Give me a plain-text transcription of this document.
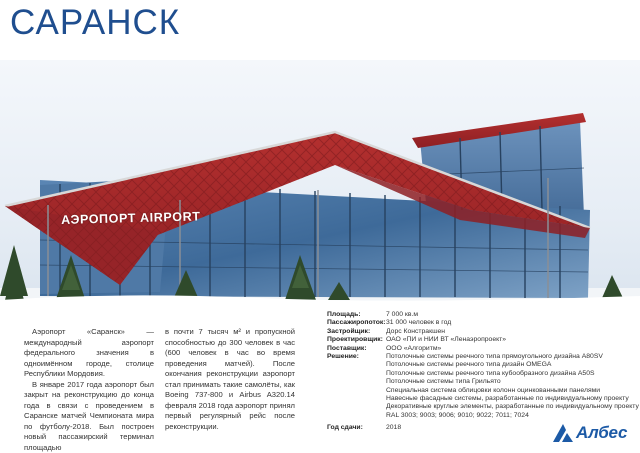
САРАНСК
АЭРОПОРТ AIRPORT

Аэропорт «Саранск» — международный аэропорт федерального значения в одноимённом городе, столице Республики Мордовия.

В январе 2017 года аэропорт был закрыт на реконструкцию до конца года в связи с проведением в Саранске матчей Чемпионата мира по футболу-2018. Был построен новый пассажирский терминал площадью

в почти 7 тысяч м² и пропускной способностью до 300 человек в час (600 человек в час во время проведения матчей). После окончания реконструкции аэропорт стал принимать такие самолёты, как Boeing 737-800 и Airbus A320.14 февраля 2018 года аэропорт принял первый регулярный рейс после реконструкции.

Площадь:	7 000 кв.м
Пассажиропоток: 31 000 человек в год
Застройщик:	Дорс Констракшен
Проектировщик: ОАО «ПИ и НИИ ВТ «Ленаэропроект»
Поставщик:	ООО «Алгоритм»
Решение:	Потолочные системы реечного типа прямоугольного дизайна A80SV
Потолочные системы реечного типа дизайн OMEGA
Потолочные системы реечного типа кубообразного дизайна A50S
Потолочные системы типа Грильято
Специальная система облицовки колонн оцинкованными панелями
Навесные фасадные системы, разработанные по индивидуальному проекту
Декоративные круглые элементы, разработанные по индивидуальному проекту
RAL 3003; 9003; 9006; 9010; 9022; 7011; 7024
Год сдачи:	2018	Албес
